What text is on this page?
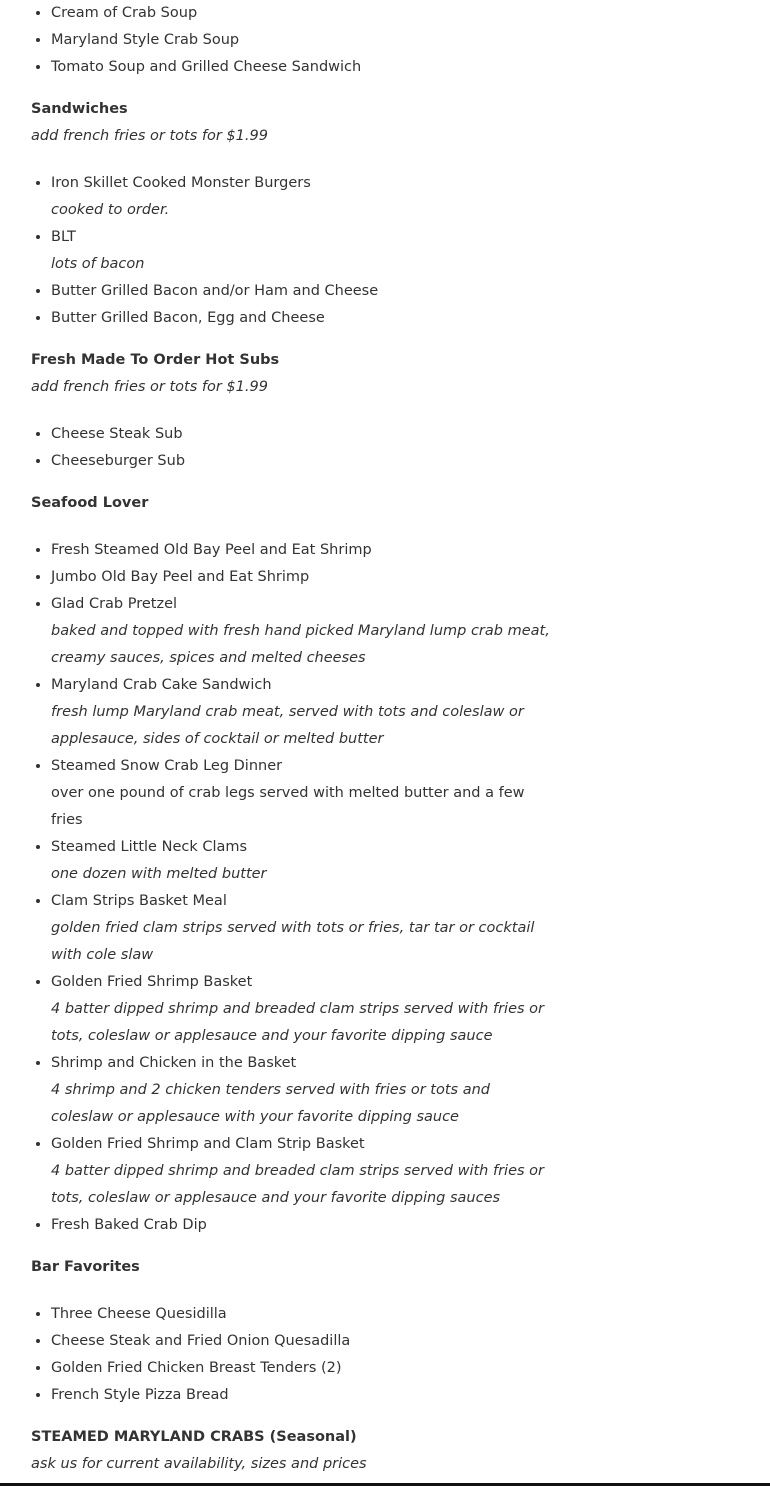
• Cream of Crab Soup
• Maryland Style Crab Soup
• Tomato Soup and Grilled Cheese Sandwich
Sandwiches

add french fries or tots for $1.99

• Iron Skillet Cooked Monster Burgers
cooked to order.
• BLT
lots of bacon
• Butter Grilled Bacon and/or Ham and Cheese
• Butter Grilled Bacon, Egg and Cheese
Fresh Made To Order Hot Subs

add french fries or tots for $1.99

• Cheese Steak Sub
• Cheeseburger Sub
Seafood Lover
• Fresh Steamed Old Bay Peel and Eat Shrimp
• Jumbo Old Bay Peel and Eat Shrimp
• Glad Crab Pretzel
baked and topped with fresh hand picked Maryland lump crab meat, creamy sauces, spices and melted cheeses
• Maryland Crab Cake Sandwich
fresh lump Maryland crab meat, served with tots and coleslaw or applesauce, sides of cocktail or melted butter
• Steamed Snow Crab Leg Dinner
over one pound of crab legs served with melted butter and a few fries
• Steamed Little Neck Clams
one dozen with melted butter
• Clam Strips Basket Meal
golden fried clam strips served with tots or fries, tar tar or cocktail with cole slaw
• Golden Fried Shrimp Basket
4 batter dipped shrimp and breaded clam strips served with fries or tots, coleslaw or applesauce and your favorite dipping sauce
• Shrimp and Chicken in the Basket
4 shrimp and 2 chicken tenders served with fries or tots and coleslaw or applesauce with your favorite dipping sauce
• Golden Fried Shrimp and Clam Strip Basket
4 batter dipped shrimp and breaded clam strips served with fries or tots, coleslaw or applesauce and your favorite dipping sauces
• Fresh Baked Crab Dip
Bar Favorites
• Three Cheese Quesidilla
• Cheese Steak and Fried Onion Quesadilla
• Golden Fried Chicken Breast Tenders (2)
• French Style Pizza Bread
STEAMED MARYLAND CRABS (Seasonal)

ask us for current availability, sizes and prices
